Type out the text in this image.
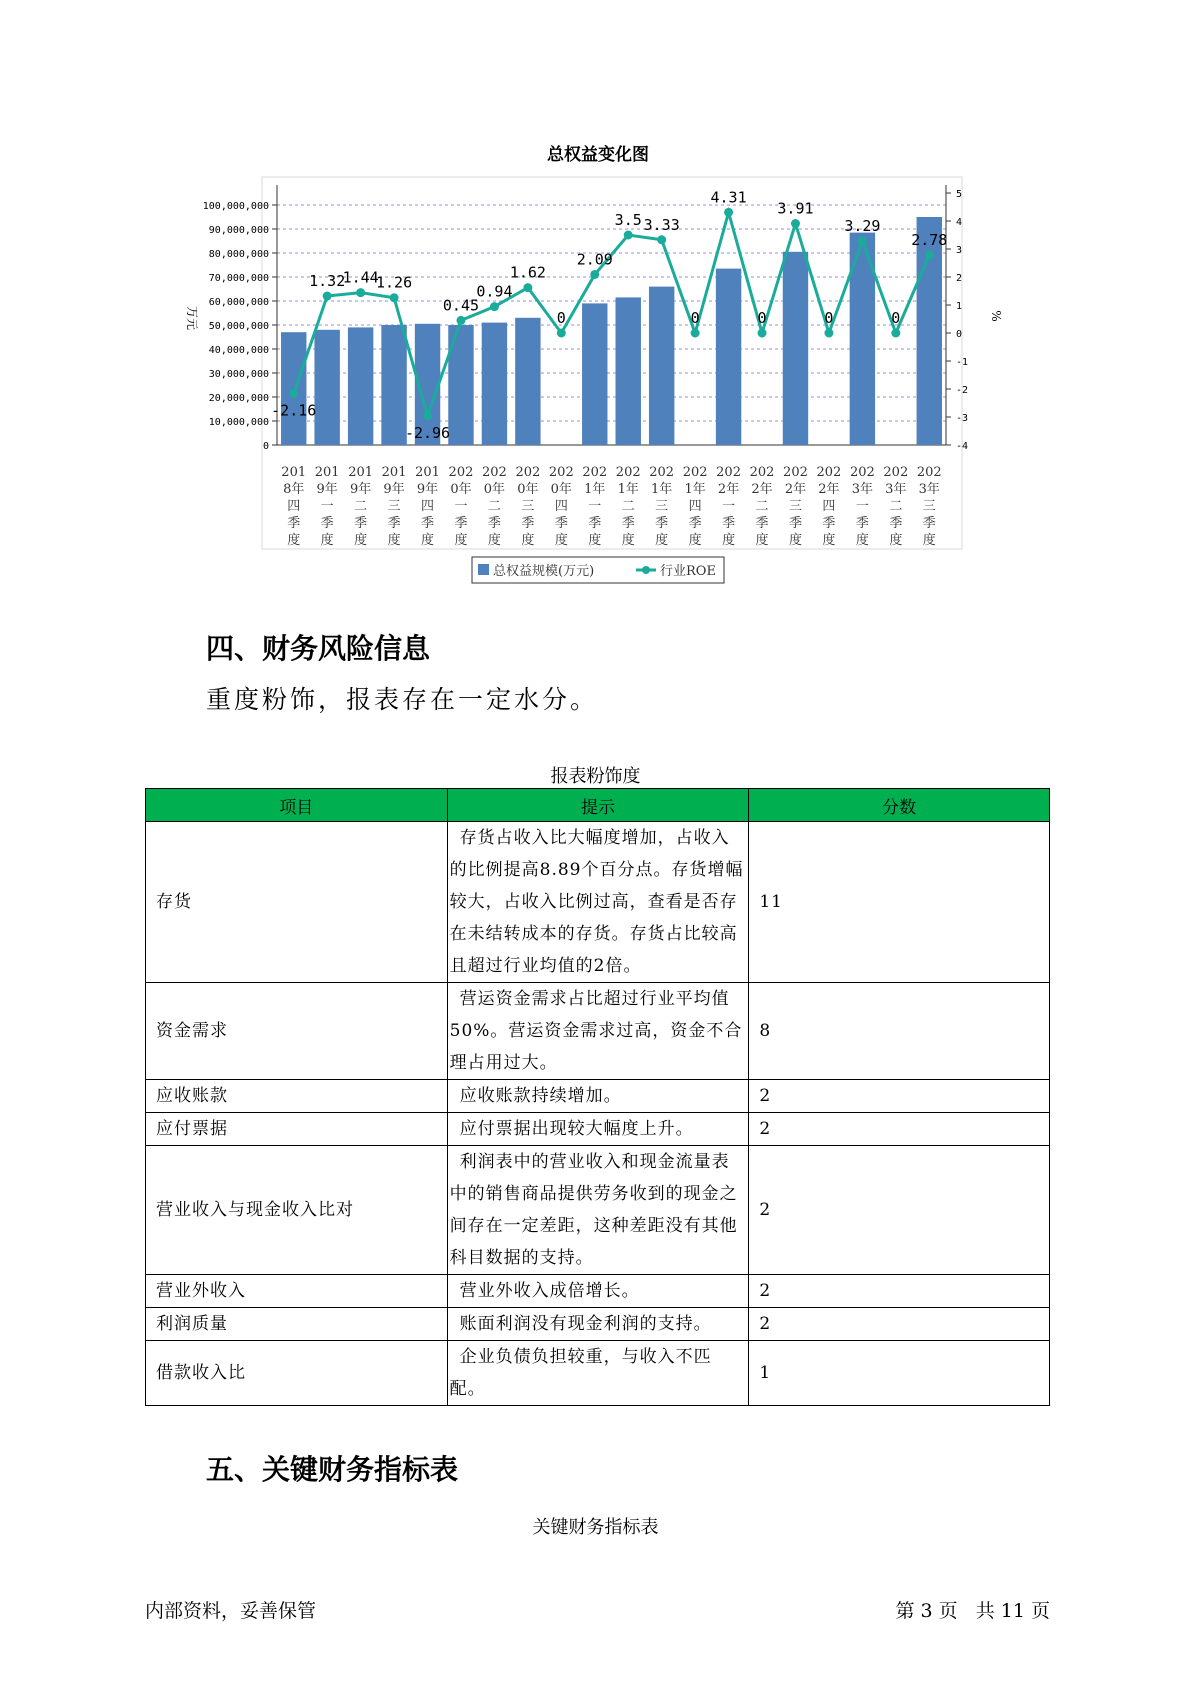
总权益变化图
100,000,000
90,000,000
80,000,000
70,000,000
60,000,000
50,000,000
40,000,000
30,000,000
20,000,000
10,000,000
0
5
4
3
2
1
0
-1
-2
-3
-4
万元	%
-2.16
1.32
1.44
1.26
-2.96
0.45
0.94
1.62
0
2.09
3.5 3.33
0
4.31
0
3.91
0
3.29
0
2.78
201
8年
四
季
度
201
9年
一
季
度
201
9年
二
季
度
201
9年
三
季
度
201
9年
四
季
度
202
0年
一
季
度
202
0年
二
季
度
202
0年
三
季
度
202
0年
四
季
度
202
1年
一
季
度
202
1年
二
季
度
202
1年
三
季
度
202
1年
四
季
度
202
2年
一
季
度
202
2年
二
季
度
202
2年
三
季
度
202
2年
四
季
度
202
3年
一
季
度
202
3年
二
季
度
202
3年
三
季
度
总权益规模(万元)	行业ROE
四、财务风险信息
重度粉饰，报表存在一定水分。
报表粉饰度
项目	提示	分数
存货	存货占收入比大幅度增加，占收入的比例提高8.89个百分点。存货增幅较大，占收入比例过高，查看是否存在未结转成本的存货。存货占比较高且超过行业均值的2倍。	11
资金需求	营运资金需求占比超过行业平均值50%。营运资金需求过高，资金不合理占用过大。	8
应收账款	应收账款持续增加。	2
应付票据	应付票据出现较大幅度上升。	2
营业收入与现金收入比对	利润表中的营业收入和现金流量表中的销售商品提供劳务收到的现金之间存在一定差距，这种差距没有其他科目数据的支持。	2
营业外收入	营业外收入成倍增长。	2
利润质量	账面利润没有现金利润的支持。	2
借款收入比	企业负债负担较重，与收入不匹配。	1
五、关键财务指标表
关键财务指标表
内部资料，妥善保管	第 3 页   共 11 页
